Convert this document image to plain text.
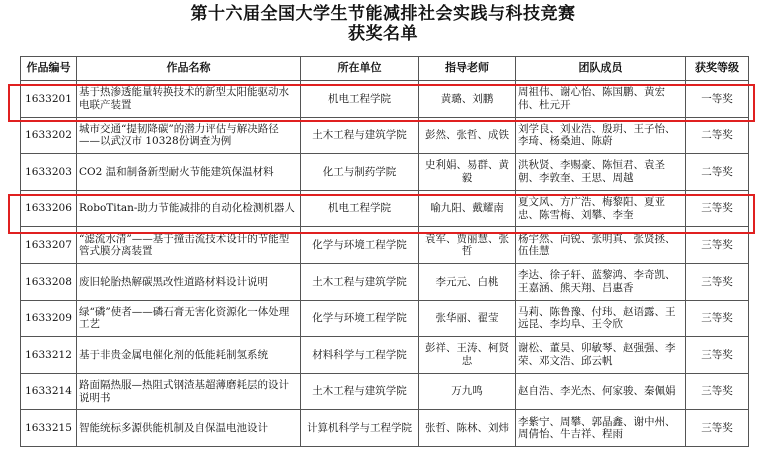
第十六届全国大学生节能减排社会实践与科技竞赛
获奖名单
作品编号	作品名称	所在单位	指导老师	团队成员	获奖等级
1633201	基于热渗透能量转换技术的新型太阳能驱动水电联产装置	机电工程学院	黄璐、刘鹏	周祖伟、谢心怡、陈国鹏、黄宏伟、杜元开	一等奖
1633202	城市交通“提韧降碳”的潜力评估与解决路径——以武汉市 10328份调查为例	土木工程与建筑学院	彭然、张哲、成铁	刘学良、刘业浩、殷玥、王子怡、李琦、杨桑迪、陈蔚	二等奖
1633203	CO2 温和制备新型耐火节能建筑保温材料	化工与制药学院	史利娟、易群、黄毅	洪秋贤、李赐豪、陈恒君、袁圣朝、李敦奎、王思、周越	二等奖
1633206	RoboTitan-助力节能减排的自动化检测机器人	机电工程学院	喻九阳、戴耀南	夏文风、方广浩、梅黎阳、夏亚忠、陈雪梅、刘攀、李奎	三等奖
1633207	“滤流水清”——基于撞击流技术设计的节能型管式膜分离装置	化学与环境工程学院	袁军、贾丽慧、张哲	杨宇然、向锐、张明真、张贤拯、伍佳慧	三等奖
1633208	废旧轮胎热解碳黑改性道路材料设计说明	土木工程与建筑学院	李元元、白桃	李达、徐子轩、蓝黎鸿、李奇凯、王嘉涵、熊天翔、吕惠香	三等奖
1633209	绿“磷”使者——磷石膏无害化资源化一体处理工艺	化学与环境工程学院	张华丽、翟莹	马莉、陈鲁豫、付玮、赵语露、王远昆、李均阜、王令欣	三等奖
1633212	基于非贵金属电催化剂的低能耗制氢系统	材料科学与工程学院	彭祥、王涛、柯贤忠	谢松、董昊、卯敏琴、赵强强、李荣、邓文浩、邱云帆	三等奖
1633214	路面隔热服—热阻式钢渣基超薄磨耗层的设计说明书	土木工程与建筑学院	万九鸣	赵自浩、李光杰、何家骏、秦佩娟	三等奖
1633215	智能统标多源供能机制及自保温电池设计	计算机科学与工程学院	张哲、陈林、刘炜	李紫宁、周攀、郭晶鑫、谢中州、周倩怡、牛吉祥、程雨	三等奖
